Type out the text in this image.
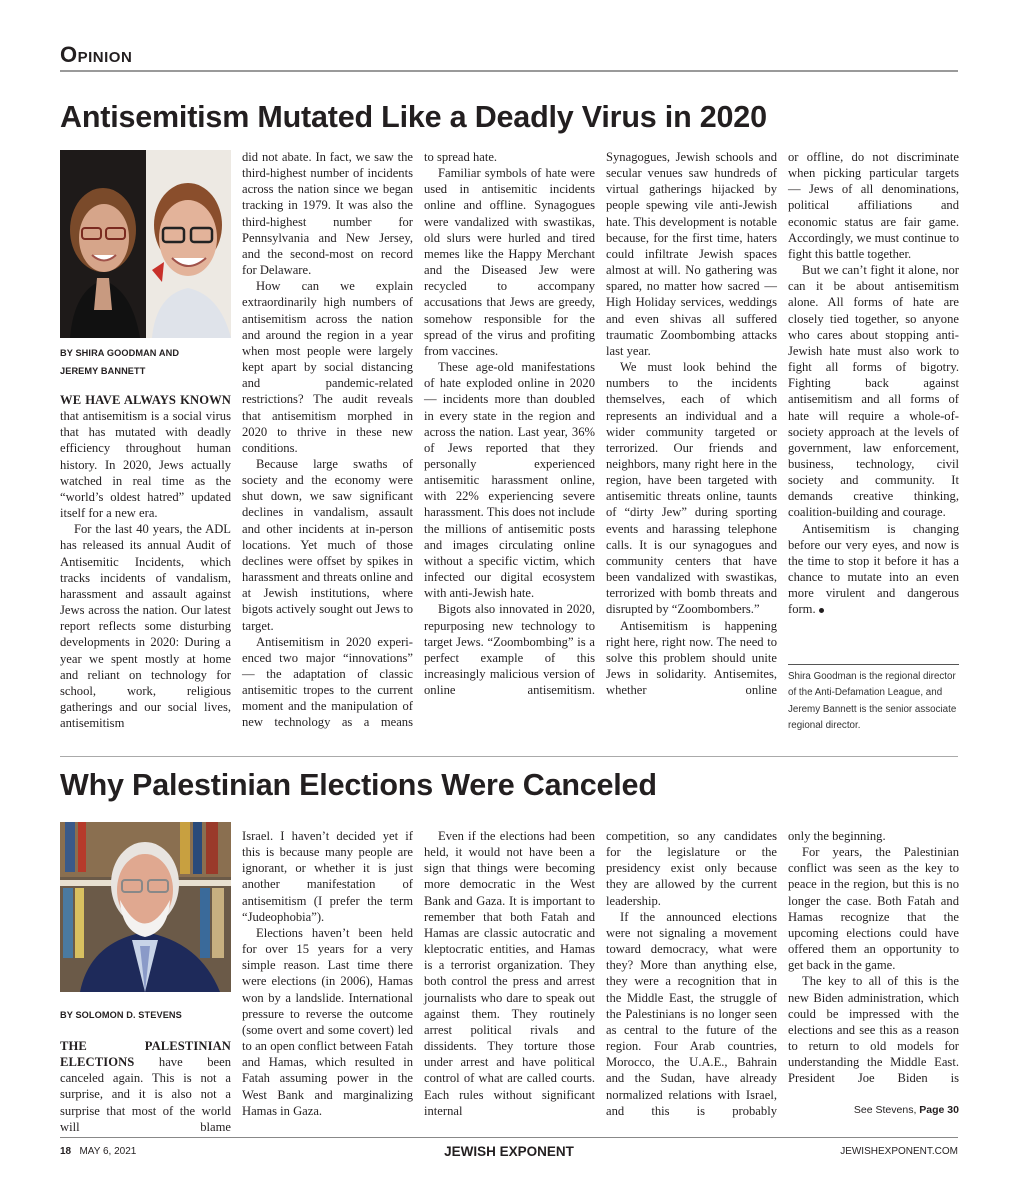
Opinion
Antisemitism Mutated Like a Deadly Virus in 2020
BY SHIRA GOODMAN AND
JEREMY BANNETT

WE HAVE ALWAYS KNOWN that antisemitism is a social virus that has mutated with deadly efficiency throughout human history. In 2020, Jews actually watched in real time as the “world’s oldest hatred” updated itself for a new era.

For the last 40 years, the ADL has released its annual Audit of Antisemitic Incidents, which tracks incidents of vandalism, harassment and assault against Jews across the nation. Our latest report reflects some disturbing developments in 2020: During a year we spent mostly at home and reliant on technology for school, work, religious gatherings and our social lives, antisemitism

did not abate. In fact, we saw the third-highest number of incidents across the nation since we began tracking in 1979. It was also the third-highest number for Pennsylvania and New Jersey, and the second-most on record for Delaware.

How can we explain extraordinarily high numbers of antisemitism across the nation and around the region in a year when most people were largely kept apart by social distancing and pandemic-related restrictions? The audit reveals that antisemitism morphed in 2020 to thrive in these new conditions.

Because large swaths of society and the economy were shut down, we saw significant declines in vandalism, assault and other incidents at in-person locations. Yet much of those declines were offset by spikes in harassment and threats online and at Jewish institutions, where bigots actively sought out Jews to target.

Antisemitism in 2020 experienced two major “innovations” — the adaptation of classic antisemitic tropes to the current moment and the manipulation of new technology as a means

to spread hate.

Familiar symbols of hate were used in antisemitic incidents online and offline. Synagogues were vandalized with swastikas, old slurs were hurled and tired memes like the Happy Merchant and the Diseased Jew were recycled to accompany accusations that Jews are greedy, somehow responsible for the spread of the virus and profiting from vaccines.

These age-old manifestations of hate exploded online in 2020 — incidents more than doubled in every state in the region and across the nation. Last year, 36% of Jews reported that they personally experienced antisemitic harassment online, with 22% experiencing severe harassment. This does not include the millions of antisemitic posts and images circulating online without a specific victim, which infected our digital ecosystem with anti-Jewish hate.

Bigots also innovated in 2020, repurposing new technology to target Jews. “Zoombombing” is a perfect example of this increasingly malicious version of online antisemitism.

Synagogues, Jewish schools and secular venues saw hundreds of virtual gatherings hijacked by people spewing vile anti-Jewish hate. This development is notable because, for the first time, haters could infiltrate Jewish spaces almost at will. No gathering was spared, no matter how sacred — High Holiday services, weddings and even shivas all suffered traumatic Zoombombing attacks last year.

We must look behind the numbers to the incidents themselves, each of which represents an individual and a wider community targeted or terrorized. Our friends and neighbors, many right here in the region, have been targeted with antisemitic threats online, taunts of “dirty Jew” during sporting events and harassing telephone calls. It is our synagogues and community centers that have been vandalized with swastikas, terrorized with bomb threats and disrupted by “Zoombombers.”

Antisemitism is happening right here, right now. The need to solve this problem should unite Jews in solidarity. Antisemites, whether online

or offline, do not discriminate when picking particular targets — Jews of all denominations, political affiliations and economic status are fair game. Accordingly, we must continue to fight this battle together.

But we can’t fight it alone, nor can it be about antisemitism alone. All forms of hate are closely tied together, so anyone who cares about stopping anti-Jewish hate must also work to fight all forms of bigotry. Fighting back against antisemitism and all forms of hate will require a whole-of-society approach at the levels of government, law enforcement, business, technology, civil society and community. It demands creative thinking, coalition-building and courage.

Antisemitism is changing before our very eyes, and now is the time to stop it before it has a chance to mutate into an even more virulent and dangerous form.

Shira Goodman is the regional director of the Anti-Defamation League, and Jeremy Bannett is the senior associate regional director.
Why Palestinian Elections Were Canceled
BY SOLOMON D. STEVENS

THE PALESTINIAN ELECTIONS have been canceled again. This is not a surprise, and it is also not a surprise that most of the world will blame

Israel. I haven’t decided yet if this is because many people are ignorant, or whether it is just another manifestation of antisemitism (I prefer the term “Judeophobia”).

Elections haven’t been held for over 15 years for a very simple reason. Last time there were elections (in 2006), Hamas won by a landslide. International pressure to reverse the outcome (some overt and some covert) led to an open conflict between Fatah and Hamas, which resulted in Fatah assuming power in the West Bank and marginalizing Hamas in Gaza.

Even if the elections had been held, it would not have been a sign that things were becoming more democratic in the West Bank and Gaza. It is important to remember that both Fatah and Hamas are classic autocratic and kleptocratic entities, and Hamas is a terrorist organization. They both control the press and arrest journalists who dare to speak out against them. They routinely arrest political rivals and dissidents. They torture those under arrest and have political control of what are called courts. Each rules without significant internal

competition, so any candidates for the legislature or the presidency exist only because they are allowed by the current leadership.

If the announced elections were not signaling a movement toward democracy, what were they? More than anything else, they were a recognition that in the Middle East, the struggle of the Palestinians is no longer seen as central to the future of the region. Four Arab countries, Morocco, the U.A.E., Bahrain and the Sudan, have already normalized relations with Israel, and this is probably

only the beginning.

For years, the Palestinian conflict was seen as the key to peace in the region, but this is no longer the case. Both Fatah and Hamas recognize that the upcoming elections could have offered them an opportunity to get back in the game.

The key to all of this is the new Biden administration, which could be impressed with the elections and see this as a reason to return to old models for understanding the Middle East. President Joe Biden is

See Stevens, Page 30
18 MAY 6, 2021	JEWISH EXPONENT	JEWISHEXPONENT.COM
